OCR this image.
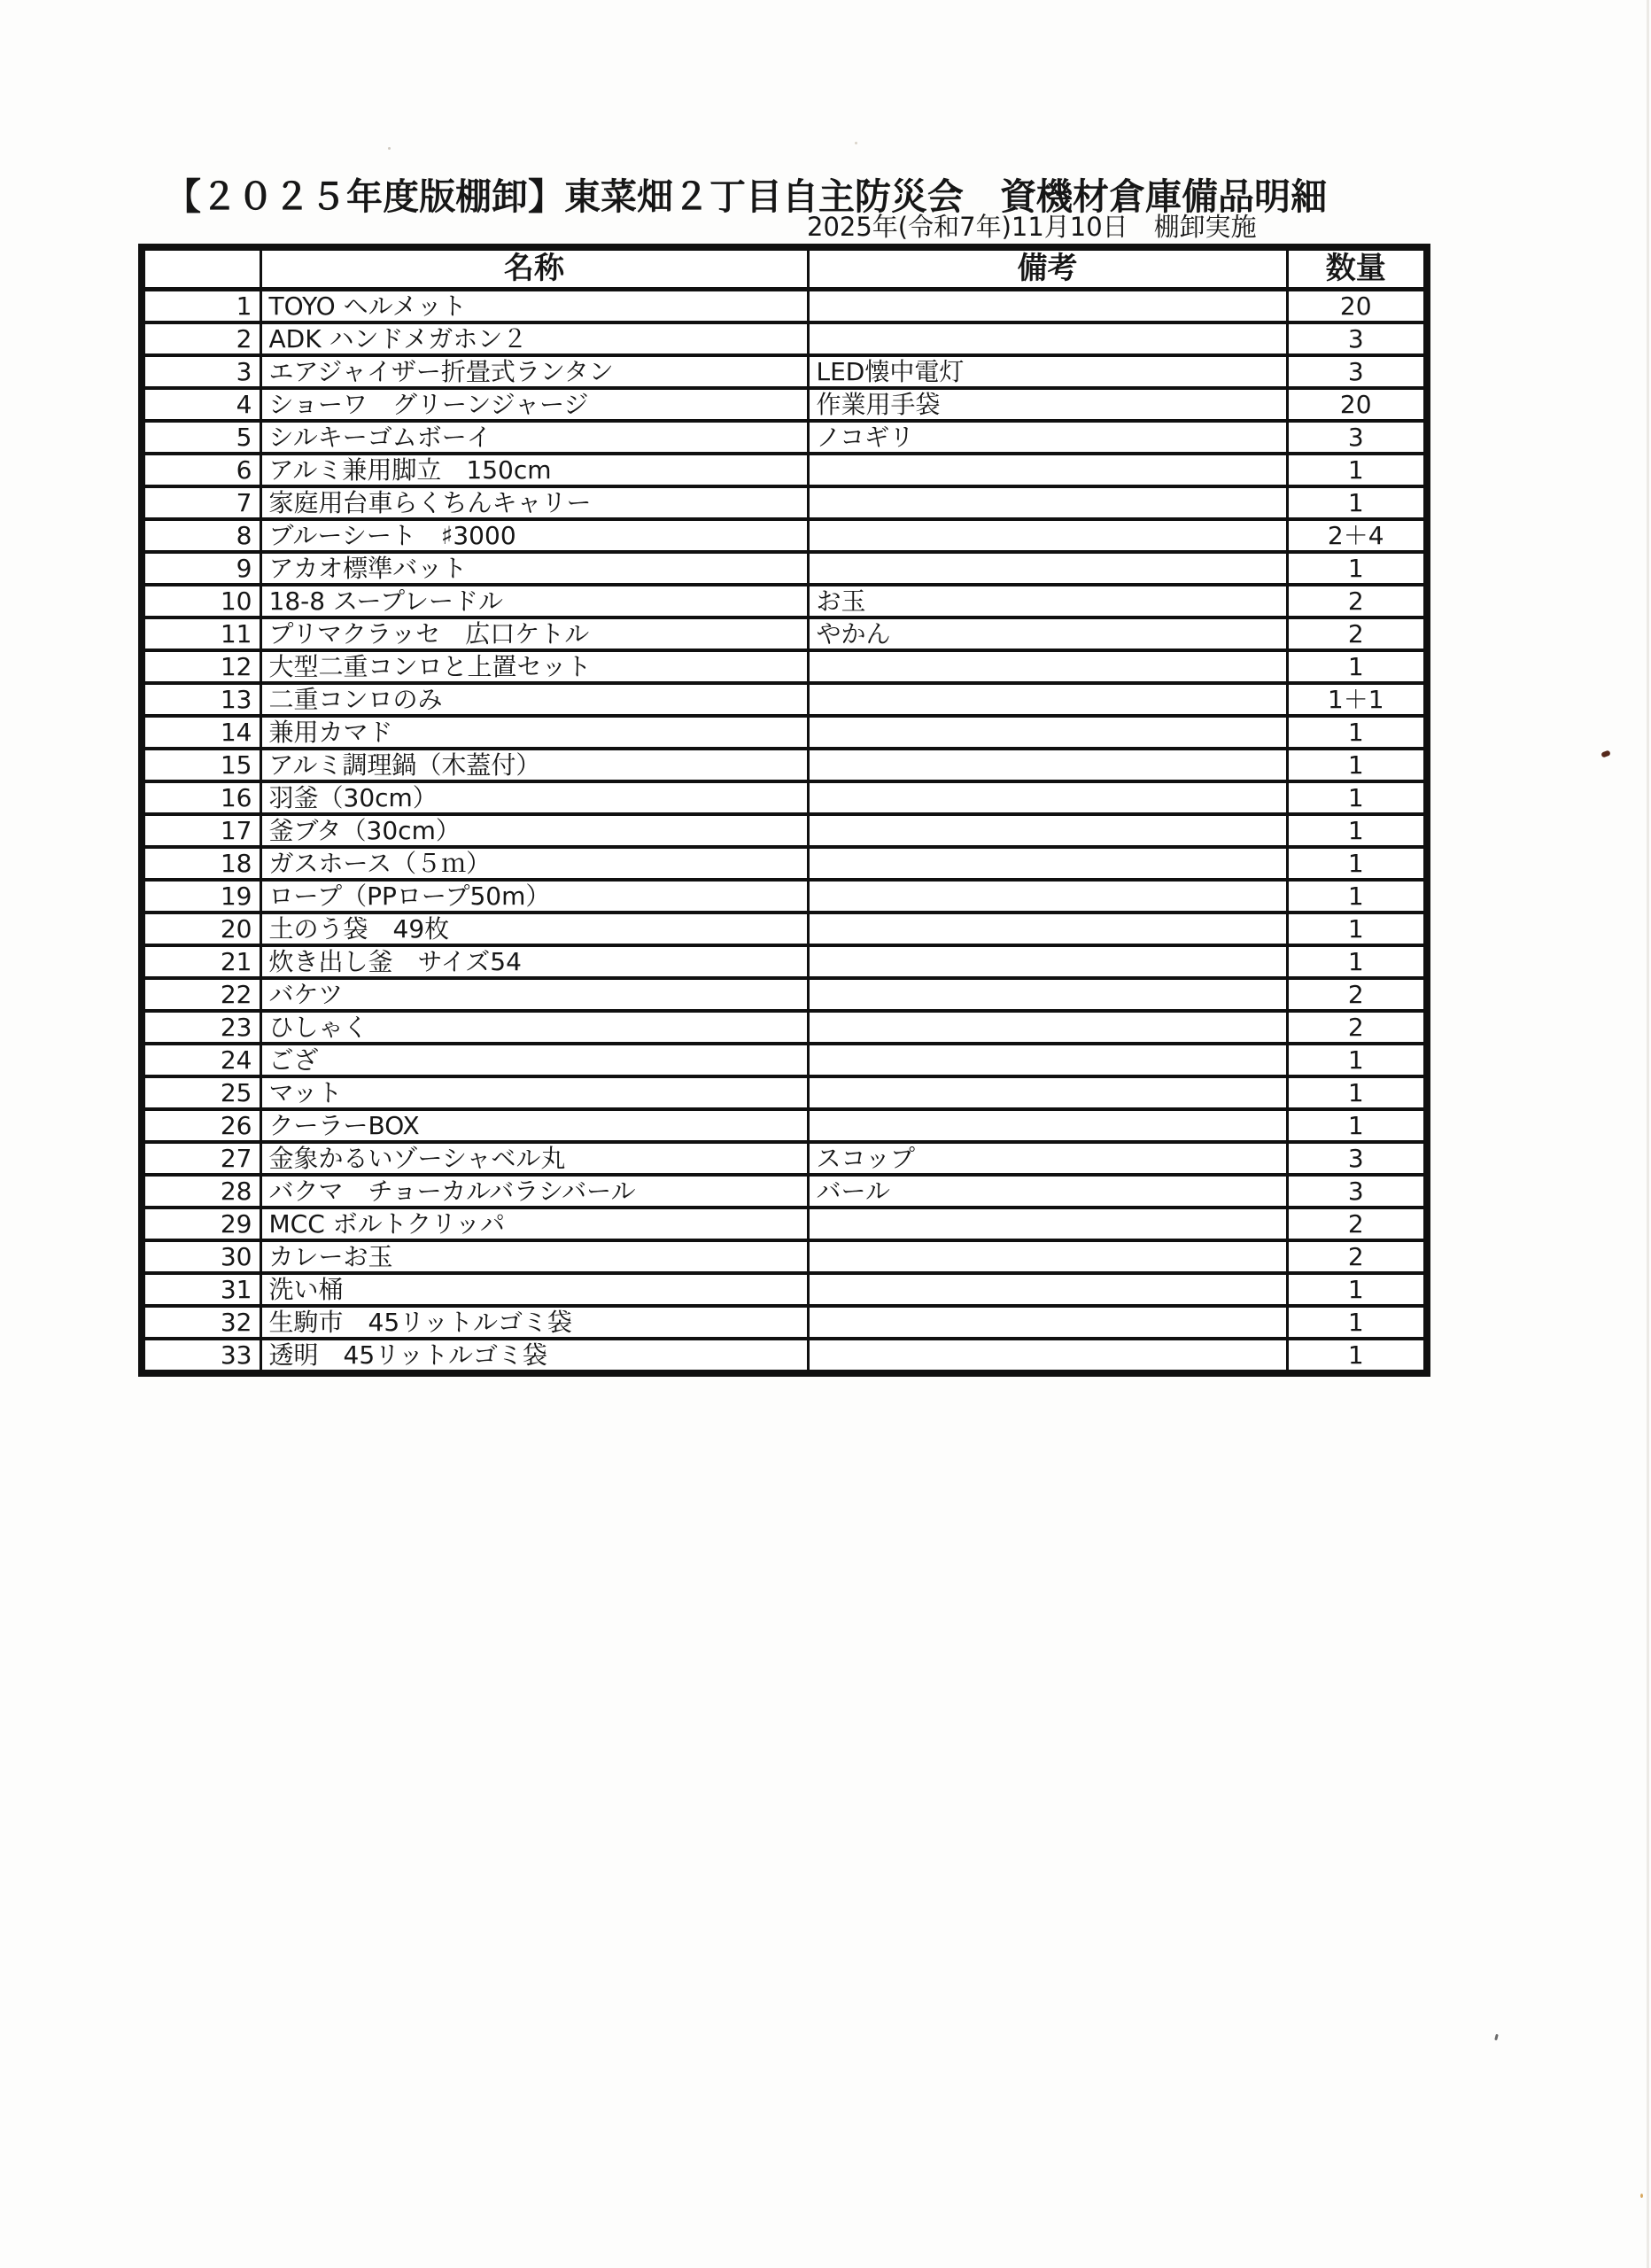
【２０２５年度版棚卸】東菜畑２丁目自主防災会　資機材倉庫備品明細
2025年(令和7年)11月10日　棚卸実施
	名称	備考	数量
1	TOYO ヘルメット		20
2	ADK ハンドメガホン２		3
3	エアジャイザー折畳式ランタン	LED懐中電灯	3
4	ショーワ　グリーンジャージ	作業用手袋	20
5	シルキーゴムボーイ	ノコギリ	3
6	アルミ兼用脚立　150cm		1
7	家庭用台車らくちんキャリー		1
8	ブルーシート　♯3000		2＋4
9	アカオ標準バット		1
10	18-8 スープレードル	お玉	2
11	プリマクラッセ　広口ケトル	やかん	2
12	大型二重コンロと上置セット		1
13	二重コンロのみ		1＋1
14	兼用カマド		1
15	アルミ調理鍋（木蓋付）		1
16	羽釜（30cm）		1
17	釜ブタ（30cm）		1
18	ガスホース（５ｍ）		1
19	ロープ（PPロープ50m）		1
20	土のう袋　49枚		1
21	炊き出し釜　サイズ54		1
22	バケツ		2
23	ひしゃく		2
24	ござ		1
25	マット		1
26	クーラーBOX		1
27	金象かるいゾーシャベル丸	スコップ	3
28	バクマ　チョーカルバラシバール	バール	3
29	MCC ボルトクリッパ		2
30	カレーお玉		2
31	洗い桶		1
32	生駒市　45リットルゴミ袋		1
33	透明　45リットルゴミ袋		1
